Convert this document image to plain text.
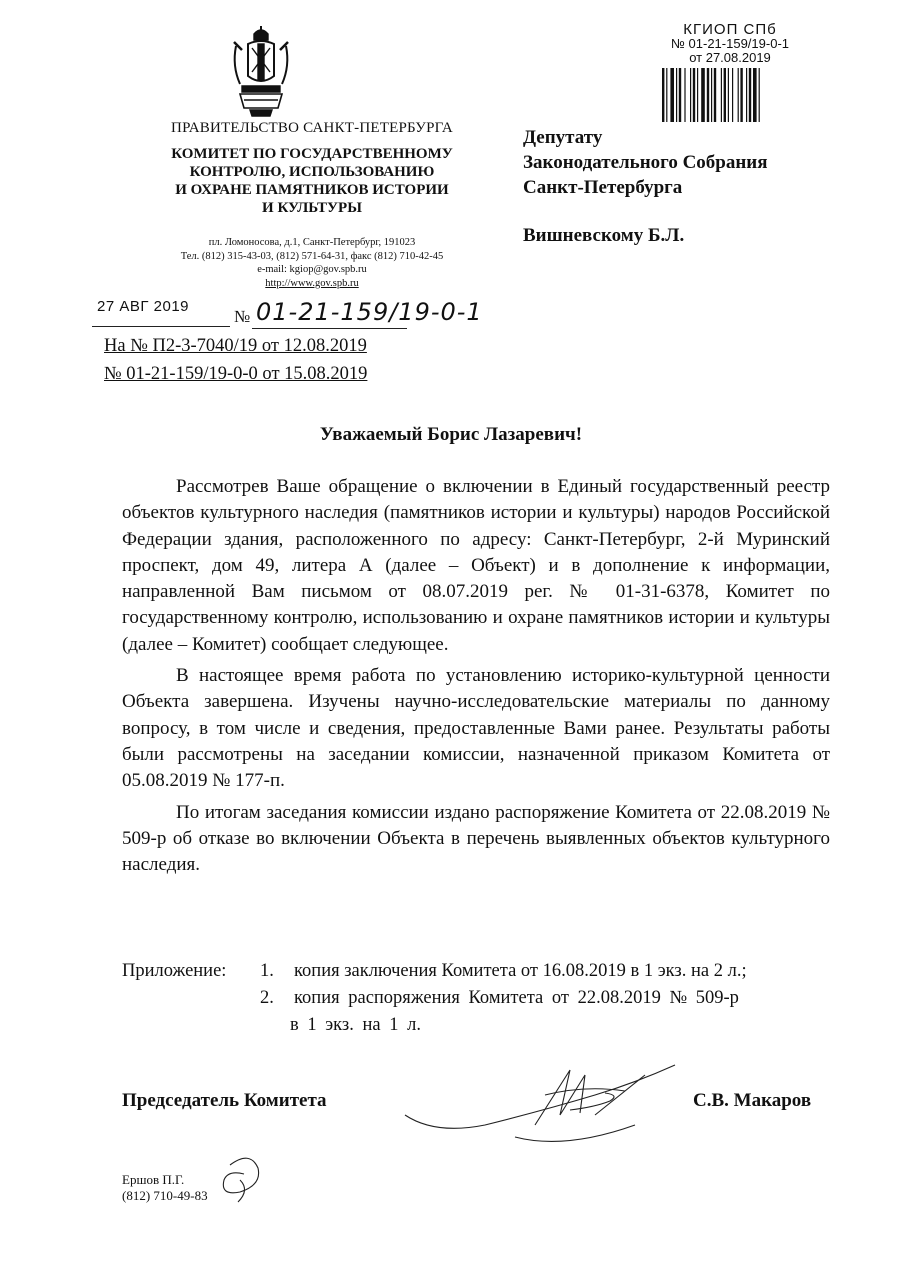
ПРАВИТЕЛЬСТВО САНКТ-ПЕТЕРБУРГА
КОМИТЕТ ПО ГОСУДАРСТВЕННОМУ
КОНТРОЛЮ, ИСПОЛЬЗОВАНИЮ
И ОХРАНЕ ПАМЯТНИКОВ ИСТОРИИ
И КУЛЬТУРЫ
пл. Ломоносова, д.1, Санкт-Петербург, 191023
Тел. (812) 315-43-03, (812) 571-64-31, факс (812) 710-42-45
e-mail: kgiop@gov.spb.ru
http://www.gov.spb.ru
КГИОП СПб
№ 01-21-159/19-0-1
от 27.08.2019
Депутату
Законодательного Собрания
Санкт-Петербурга
Вишневскому Б.Л.
27 АВГ 2019
№ 01-21-159/19-0-1
На № П2-3-7040/19 от 12.08.2019
№ 01-21-159/19-0-0 от 15.08.2019
Уважаемый Борис Лазаревич!

Рассмотрев Ваше обращение о включении в Единый государственный реестр объектов культурного наследия (памятников истории и культуры) народов Российской Федерации здания, расположенного по адресу: Санкт-Петербург, 2-й Муринский проспект, дом 49, литера А (далее – Объект) и в дополнение к информации, направленной Вам письмом от 08.07.2019 рег. № 01-31-6378, Комитет по государственному контролю, использованию и охране памятников истории и культуры (далее – Комитет) сообщает следующее.

В настоящее время работа по установлению историко-культурной ценности Объекта завершена. Изучены научно-исследовательские материалы по данному вопросу, в том числе и сведения, предоставленные Вами ранее. Результаты работы были рассмотрены на заседании комиссии, назначенной приказом Комитета от 05.08.2019 № 177-п.

По итогам заседания комиссии издано распоряжение Комитета от 22.08.2019 № 509-р об отказе во включении Объекта в перечень выявленных объектов культурного наследия.

Приложение: 1. копия заключения Комитета от 16.08.2019 в 1 экз. на 2 л.;
2. копия распоряжения Комитета от 22.08.2019 № 509-р
в 1 экз. на 1 л.
Председатель Комитета	С.В. Макаров
Ершов П.Г.
(812) 710-49-83
